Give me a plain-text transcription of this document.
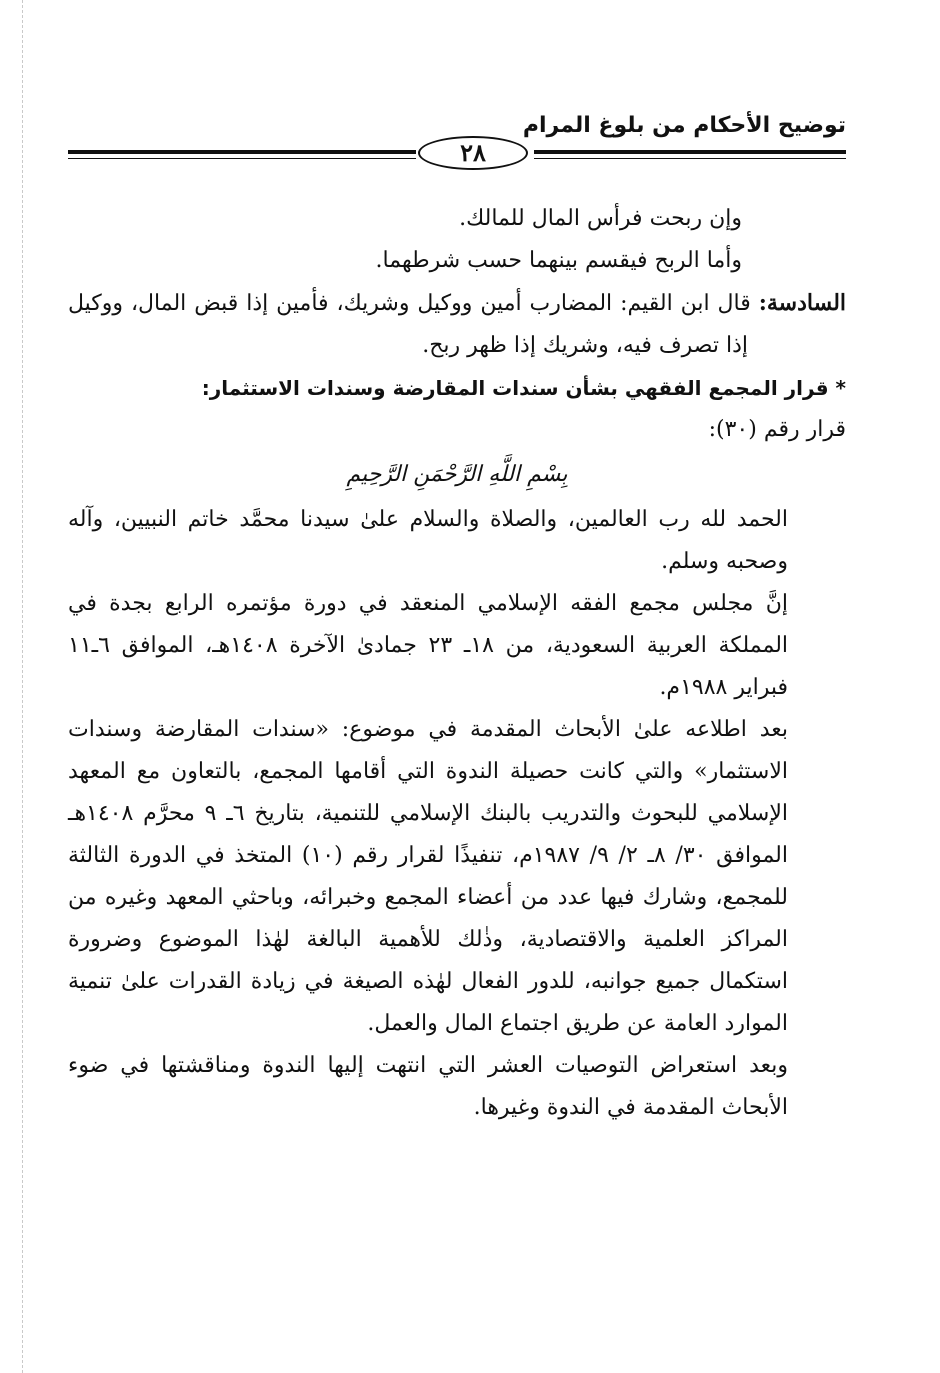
توضيح الأحكام من بلوغ المرام
٢٨

وإن ربحت فرأس المال للمالك.

وأما الربح فيقسم بينهما حسب شرطهما.

السادسة: قال ابن القيم: المضارب أمين ووكيل وشريك، فأمين إذا قبض المال، ووكيل إذا تصرف فيه، وشريك إذا ظهر ربح.

* قرار المجمع الفقهي بشأن سندات المقارضة وسندات الاستثمار:

قرار رقم (٣٠):

بِسْمِ اللَّهِ الرَّحْمَنِ الرَّحِيمِ

الحمد لله رب العالمين، والصلاة والسلام علىٰ سيدنا محمَّد خاتم النبيين، وآله وصحبه وسلم.

إنَّ مجلس مجمع الفقه الإسلامي المنعقد في دورة مؤتمره الرابع بجدة في المملكة العربية السعودية، من ١٨ـ ٢٣ جمادىٰ الآخرة ١٤٠٨هـ، الموافق ٦ـ١١ فبراير ١٩٨٨م.

بعد اطلاعه علىٰ الأبحاث المقدمة في موضوع: «سندات المقارضة وسندات الاستثمار» والتي كانت حصيلة الندوة التي أقامها المجمع، بالتعاون مع المعهد الإسلامي للبحوث والتدريب بالبنك الإسلامي للتنمية، بتاريخ ٦ـ ٩ محرَّم ١٤٠٨هـ الموافق ٣٠/ ٨ـ ٢/ ٩/ ١٩٨٧م، تنفيذًا لقرار رقم (١٠) المتخذ في الدورة الثالثة للمجمع، وشارك فيها عدد من أعضاء المجمع وخبرائه، وباحثي المعهد وغيره من المراكز العلمية والاقتصادية، وذٰلك للأهمية البالغة لهٰذا الموضوع وضرورة استكمال جميع جوانبه، للدور الفعال لهٰذه الصيغة في زيادة القدرات علىٰ تنمية الموارد العامة عن طريق اجتماع المال والعمل.

وبعد استعراض التوصيات العشر التي انتهت إليها الندوة ومناقشتها في ضوء الأبحاث المقدمة في الندوة وغيرها.
